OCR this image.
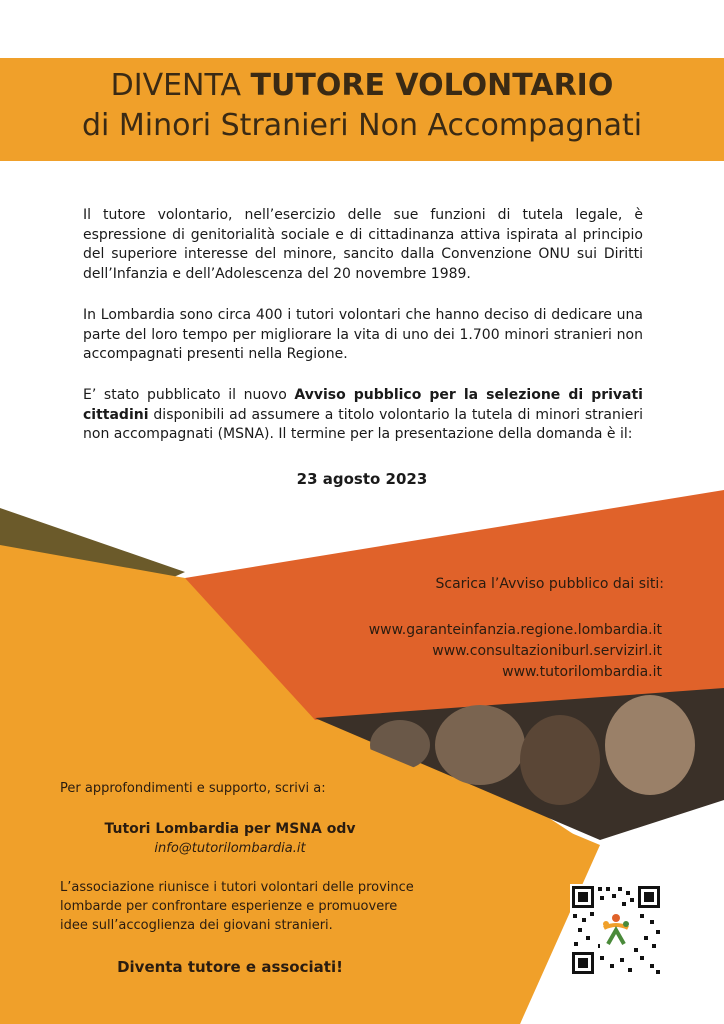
DIVENTA TUTORE VOLONTARIO
di Minori Stranieri Non Accompagnati
Il tutore volontario, nell’esercizio delle sue funzioni di tutela legale, è espressione di genitorialità sociale e di cittadinanza attiva ispirata al principio del superiore interesse del minore, sancito dalla Convenzione ONU sui Diritti dell’Infanzia e dell’Adolescenza del 20 novembre 1989.
In Lombardia sono circa 400 i tutori volontari che hanno deciso di dedicare una parte del loro tempo per migliorare la vita di uno dei 1.700 minori stranieri non accompagnati presenti nella Regione.
E’ stato pubblicato il nuovo Avviso pubblico per la selezione di privati cittadini disponibili ad assumere a titolo volontario la tutela di minori stranieri non accompagnati (MSNA). Il termine per la presentazione della domanda è il:
23 agosto 2023
Scarica l’Avviso pubblico dai siti:
www.garanteinfanzia.regione.lombardia.it
www.consultazioniburl.servizirl.it
www.tutorilombardia.it
Per approfondimenti e supporto, scrivi a:
Tutori Lombardia per MSNA odv
info@tutorilombardia.it
L’associazione riunisce i tutori volontari delle province lombarde per confrontare esperienze e promuovere idee sull’accoglienza dei giovani stranieri.
Diventa tutore e associati!
